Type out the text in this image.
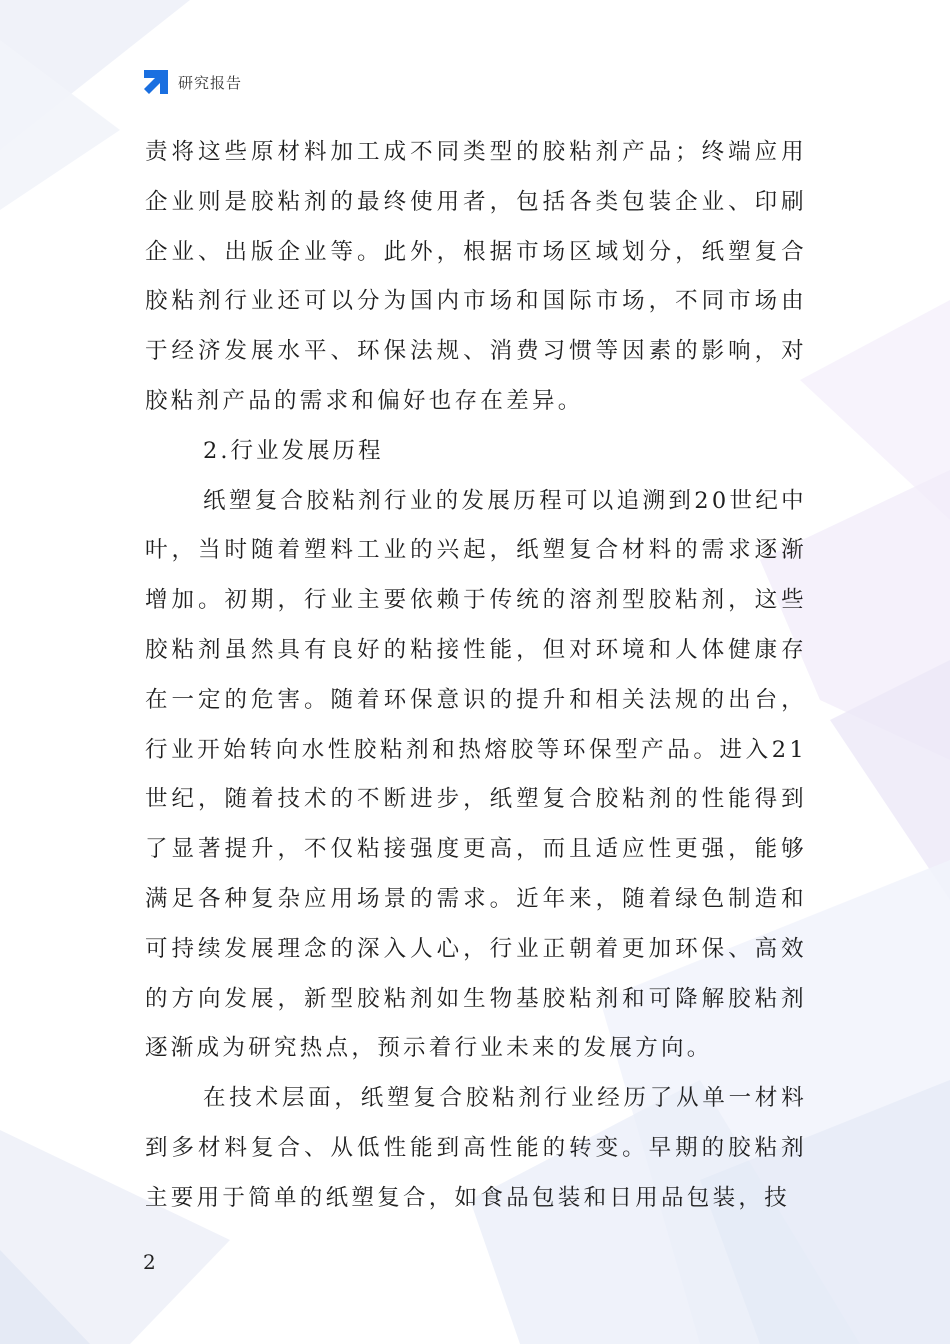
研究报告

责将这些原材料加工成不同类型的胶粘剂产品；终端应用企业则是胶粘剂的最终使用者，包括各类包装企业、印刷企业、出版企业等。此外，根据市场区域划分，纸塑复合胶粘剂行业还可以分为国内市场和国际市场，不同市场由于经济发展水平、环保法规、消费习惯等因素的影响，对胶粘剂产品的需求和偏好也存在差异。

2.行业发展历程

纸塑复合胶粘剂行业的发展历程可以追溯到20世纪中叶，当时随着塑料工业的兴起，纸塑复合材料的需求逐渐增加。初期，行业主要依赖于传统的溶剂型胶粘剂，这些胶粘剂虽然具有良好的粘接性能，但对环境和人体健康存在一定的危害。随着环保意识的提升和相关法规的出台，行业开始转向水性胶粘剂和热熔胶等环保型产品。进入21世纪，随着技术的不断进步，纸塑复合胶粘剂的性能得到了显著提升，不仅粘接强度更高，而且适应性更强，能够满足各种复杂应用场景的需求。近年来，随着绿色制造和可持续发展理念的深入人心，行业正朝着更加环保、高效的方向发展，新型胶粘剂如生物基胶粘剂和可降解胶粘剂逐渐成为研究热点，预示着行业未来的发展方向。

在技术层面，纸塑复合胶粘剂行业经历了从单一材料到多材料复合、从低性能到高性能的转变。早期的胶粘剂主要用于简单的纸塑复合，如食品包装和日用品包装，技

2
